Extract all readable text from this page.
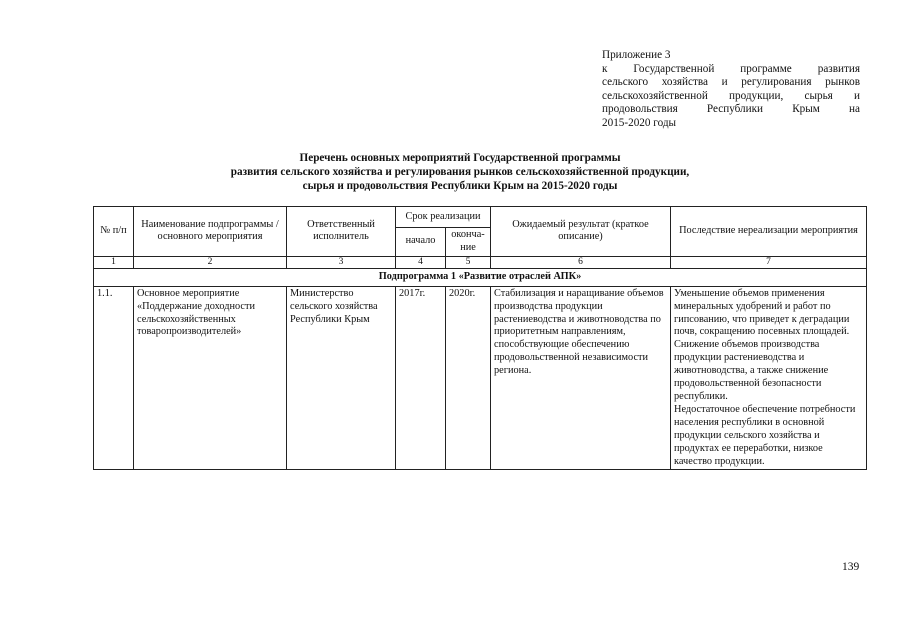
Приложение 3
к Государственной программе развития
сельского хозяйства и регулирования рынков
сельскохозяйственной продукции, сырья и
продовольствия Республики Крым на
2015-2020 годы
Перечень основных мероприятий Государственной программы
развития сельского хозяйства и регулирования рынков сельскохозяйственной продукции,
сырья и продовольствия Республики Крым на 2015-2020 годы
№ п/п	Наименование подпрограммы / основного мероприятия	Ответственный исполнитель	Срок реализации		Ожидаемый результат (краткое описание)	Последствие нереализации мероприятия
			начало	оконча-ние		
1	2	3	4	5	6	7
Подпрограмма 1 «Развитие отраслей АПК»						
1.1.	Основное мероприятие «Поддержание доходности сельскохозяйственных товаропроизводителей»	Министерство сельского хозяйства Республики Крым	2017г.	2020г.	Стабилизация и наращивание объемов производства продукции растениеводства и животноводства по приоритетным направлениям, способствующие обеспечению продовольственной независимости региона.	Уменьшение объемов применения минеральных удобрений и работ по гипсованию, что приведет к деградации почв, сокращению посевных площадей.
Снижение объемов производства продукции растениеводства и животноводства, а также снижение продовольственной безопасности республики.
Недостаточное обеспечение потребности населения республики в основной продукции сельского хозяйства и продуктах ее переработки, низкое качество продукции.
139
